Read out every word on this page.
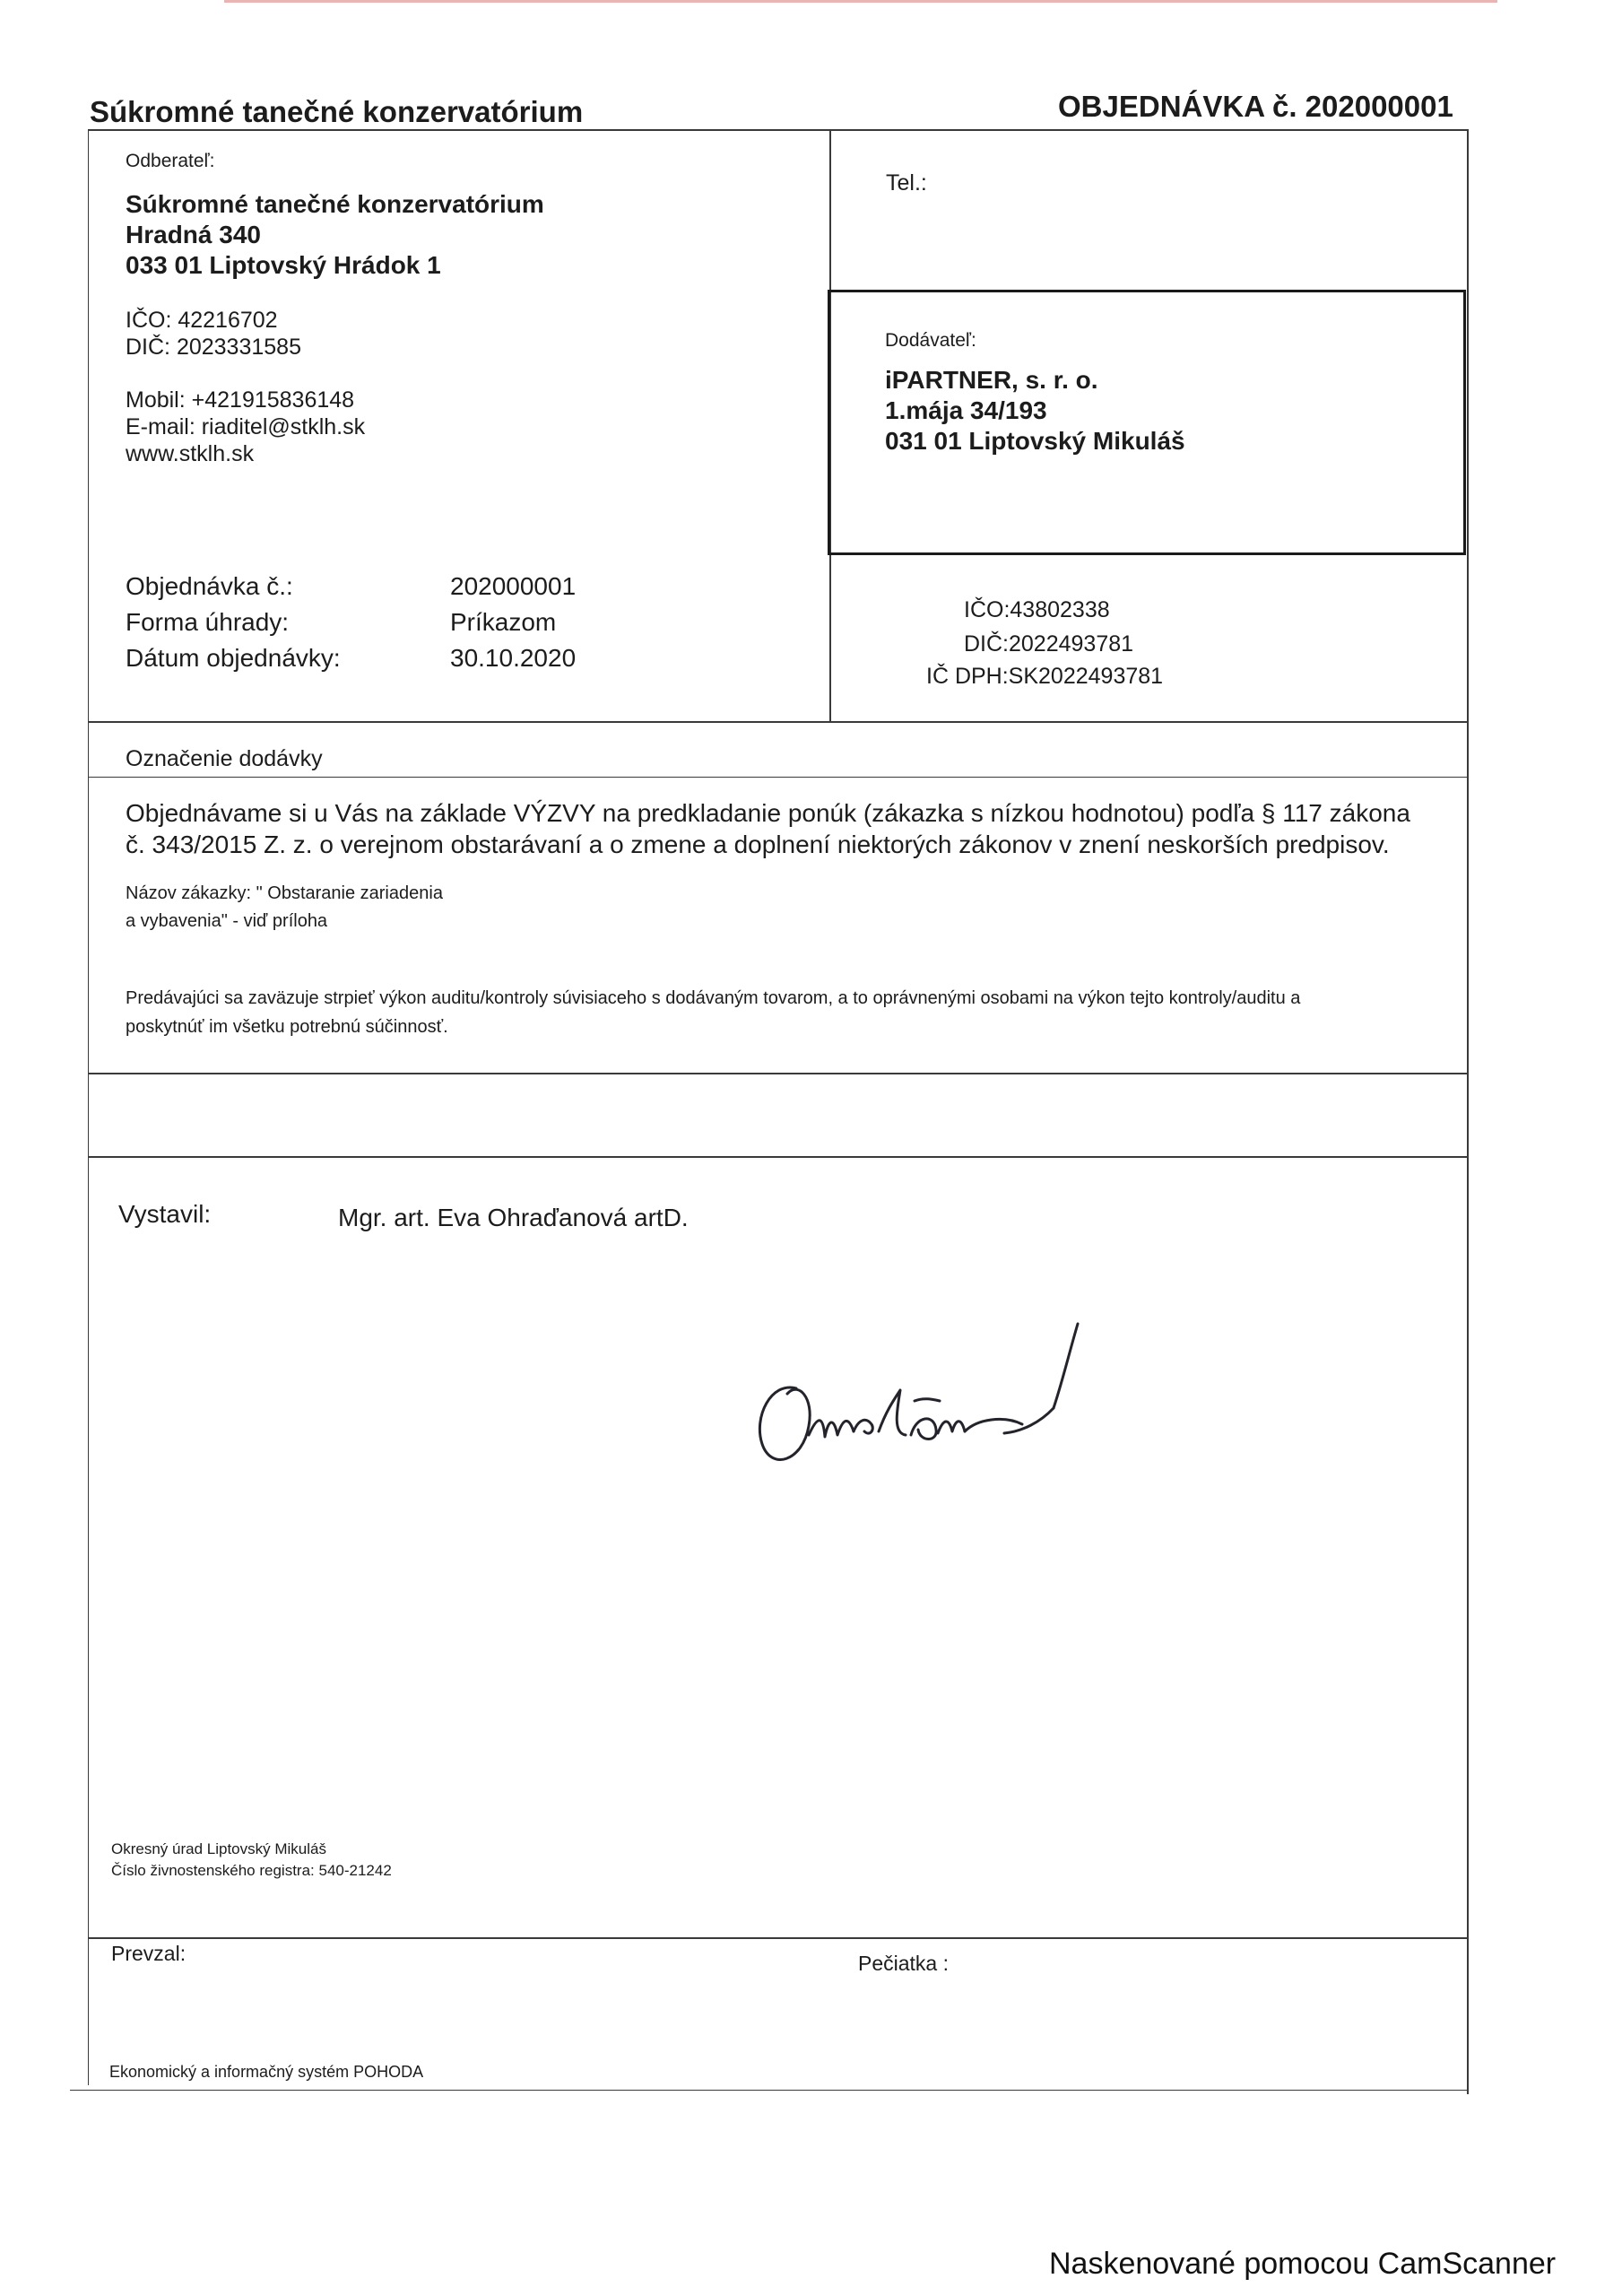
Súkromné tanečné konzervatórium	OBJEDNÁVKA č. 202000001
Odberateľ:
Súkromné tanečné konzervatórium
Hradná 340
033 01 Liptovský Hrádok 1
IČO: 42216702
DIČ: 2023331585
Mobil: +421915836148
E-mail: riaditel@stklh.sk
www.stklh.sk
Tel.:
Dodávateľ:
iPARTNER, s. r. o.
1.mája 34/193
031 01 Liptovský Mikuláš
Objednávka č.:	202000001
Forma úhrady:	Príkazom
Dátum objednávky:	30.10.2020
IČO:43802338
DIČ:2022493781
IČ DPH:SK2022493781
Označenie dodávky
Objednávame si u Vás na základe VÝZVY na predkladanie ponúk (zákazka s nízkou hodnotou) podľa § 117 zákona
č. 343/2015 Z. z. o verejnom obstarávaní a o zmene a doplnení niektorých zákonov v znení neskorších predpisov.
Názov zákazky: " Obstaranie zariadenia
a vybavenia" - viď príloha
Predávajúci sa zaväzuje strpieť výkon auditu/kontroly súvisiaceho s dodávaným tovarom, a to oprávnenými osobami na výkon tejto kontroly/auditu a
poskytnúť im všetku potrebnú súčinnosť.
Vystavil:	Mgr. art. Eva Ohraďanová artD.
Okresný úrad Liptovský Mikuláš
Číslo živnostenského registra: 540-21242
Prevzal:	Pečiatka :
Ekonomický a informačný systém POHODA
Naskenované pomocou CamScanner
